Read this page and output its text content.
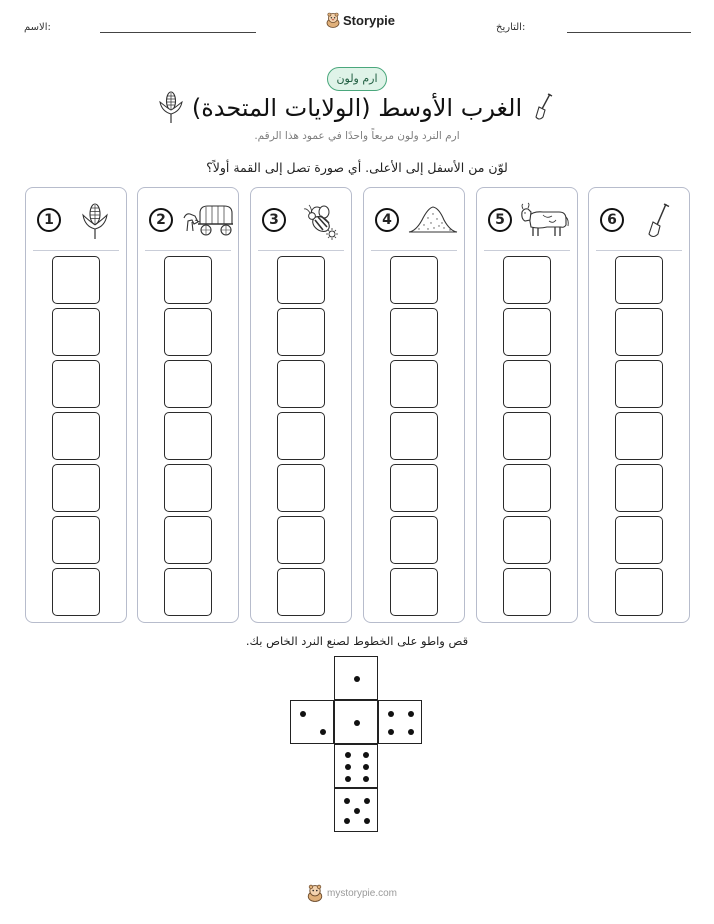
الاسم:	Storypie	التاريخ:
ارم ولون
الغرب الأوسط (الولايات المتحدة)
ارم النرد ولون مربعاً واحدًا في عمود هذا الرقم.
لوّن من الأسفل إلى الأعلى. أي صورة تصل إلى القمة أولاً؟
1	2	3	4	5	6
قص واطو على الخطوط لصنع النرد الخاص بك.
mystorypie.com
